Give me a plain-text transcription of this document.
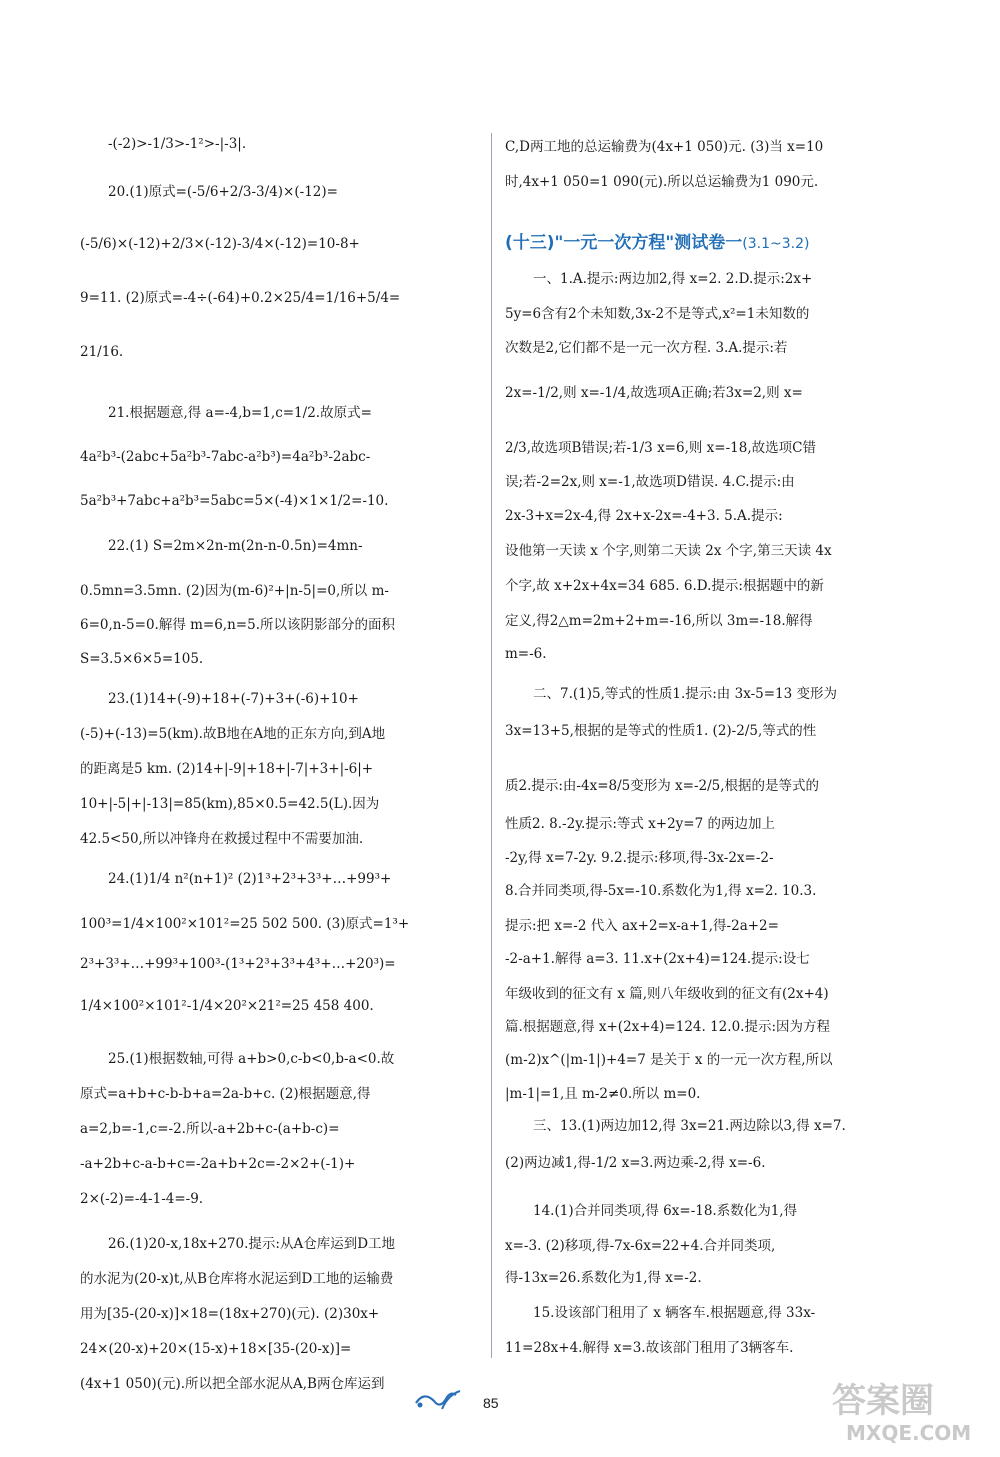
-(-2)>-1/3>-1²>-|-3|.
20.(1)原式=(-5/6+2/3-3/4)×(-12)=
(-5/6)×(-12)+2/3×(-12)-3/4×(-12)=10-8+
9=11. (2)原式=-4÷(-64)+0.2×25/4=1/16+5/4=
21/16.
21.根据题意,得 a=-4,b=1,c=1/2.故原式=
4a²b³-(2abc+5a²b³-7abc-a²b³)=4a²b³-2abc-
5a²b³+7abc+a²b³=5abc=5×(-4)×1×1/2=-10.
22.(1) S=2m×2n-m(2n-n-0.5n)=4mn-
0.5mn=3.5mn. (2)因为(m-6)²+|n-5|=0,所以 m-
6=0,n-5=0.解得 m=6,n=5.所以该阴影部分的面积
S=3.5×6×5=105.
23.(1)14+(-9)+18+(-7)+3+(-6)+10+
(-5)+(-13)=5(km).故B地在A地的正东方向,到A地
的距离是5 km. (2)14+|-9|+18+|-7|+3+|-6|+
10+|-5|+|-13|=85(km),85×0.5=42.5(L).因为
42.5<50,所以冲锋舟在救援过程中不需要加油.
24.(1)1/4 n²(n+1)² (2)1³+2³+3³+…+99³+
100³=1/4×100²×101²=25 502 500. (3)原式=1³+
2³+3³+…+99³+100³-(1³+2³+3³+4³+…+20³)=
1/4×100²×101²-1/4×20²×21²=25 458 400.
25.(1)根据数轴,可得 a+b>0,c-b<0,b-a<0.故
原式=a+b+c-b-b+a=2a-b+c. (2)根据题意,得
a=2,b=-1,c=-2.所以-a+2b+c-(a+b-c)=
-a+2b+c-a-b+c=-2a+b+2c=-2×2+(-1)+
2×(-2)=-4-1-4=-9.
26.(1)20-x,18x+270.提示:从A仓库运到D工地
的水泥为(20-x)t,从B仓库将水泥运到D工地的运输费
用为[35-(20-x)]×18=(18x+270)(元). (2)30x+
24×(20-x)+20×(15-x)+18×[35-(20-x)]=
(4x+1 050)(元).所以把全部水泥从A,B两仓库运到
C,D两工地的总运输费为(4x+1 050)元. (3)当 x=10
时,4x+1 050=1 090(元).所以总运输费为1 090元.
(十三)"一元一次方程"测试卷一(3.1~3.2)
一、1.A.提示:两边加2,得 x=2. 2.D.提示:2x+
5y=6含有2个未知数,3x-2不是等式,x²=1未知数的
次数是2,它们都不是一元一次方程. 3.A.提示:若
2x=-1/2,则 x=-1/4,故选项A正确;若3x=2,则 x=
2/3,故选项B错误;若-1/3 x=6,则 x=-18,故选项C错
误;若-2=2x,则 x=-1,故选项D错误. 4.C.提示:由
2x-3+x=2x-4,得 2x+x-2x=-4+3. 5.A.提示:
设他第一天读 x 个字,则第二天读 2x 个字,第三天读 4x
个字,故 x+2x+4x=34 685. 6.D.提示:根据题中的新
定义,得2△m=2m+2+m=-16,所以 3m=-18.解得
m=-6.
二、7.(1)5,等式的性质1.提示:由 3x-5=13 变形为
3x=13+5,根据的是等式的性质1. (2)-2/5,等式的性
质2.提示:由-4x=8/5变形为 x=-2/5,根据的是等式的
性质2. 8.-2y.提示:等式 x+2y=7 的两边加上
-2y,得 x=7-2y. 9.2.提示:移项,得-3x-2x=-2-
8.合并同类项,得-5x=-10.系数化为1,得 x=2. 10.3.
提示:把 x=-2 代入 ax+2=x-a+1,得-2a+2=
-2-a+1.解得 a=3. 11.x+(2x+4)=124.提示:设七
年级收到的征文有 x 篇,则八年级收到的征文有(2x+4)
篇.根据题意,得 x+(2x+4)=124. 12.0.提示:因为方程
(m-2)x^(|m-1|)+4=7 是关于 x 的一元一次方程,所以
|m-1|=1,且 m-2≠0.所以 m=0.
三、13.(1)两边加12,得 3x=21.两边除以3,得 x=7.
(2)两边减1,得-1/2 x=3.两边乘-2,得 x=-6.
14.(1)合并同类项,得 6x=-18.系数化为1,得
x=-3. (2)移项,得-7x-6x=22+4.合并同类项,
得-13x=26.系数化为1,得 x=-2.
15.设该部门租用了 x 辆客车.根据题意,得 33x-
11=28x+4.解得 x=3.故该部门租用了3辆客车.
85	答案圈
MXQE.COM
